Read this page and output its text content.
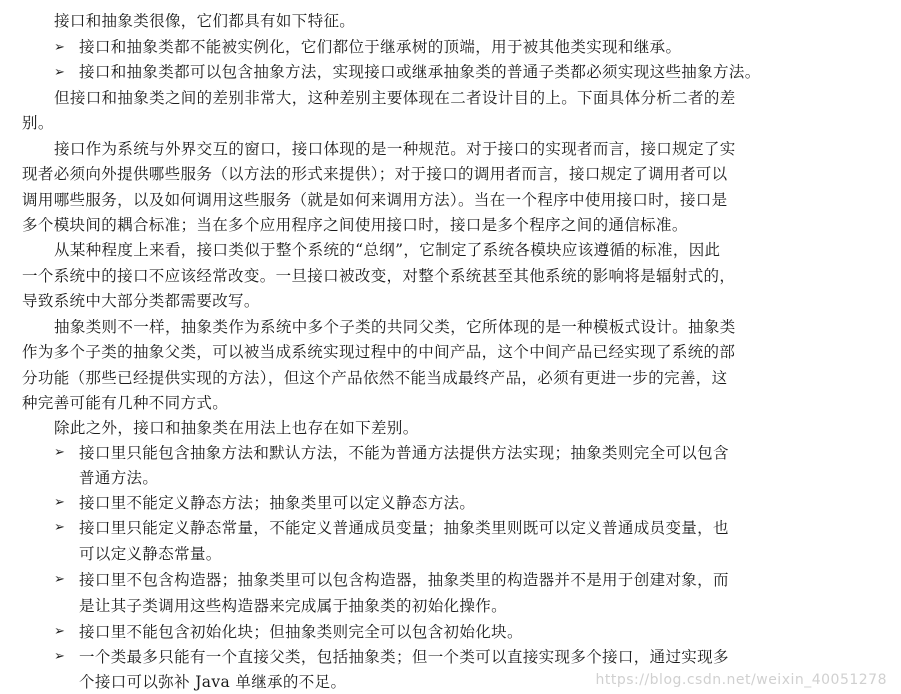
➢
➢
➢
➢
➢
➢
➢
➢
接口和抽象类很像，它们都具有如下特征。
接口和抽象类都不能被实例化，它们都位于继承树的顶端，用于被其他类实现和继承。
接口和抽象类都可以包含抽象方法，实现接口或继承抽象类的普通子类都必须实现这些抽象方法。
但接口和抽象类之间的差别非常大，这种差别主要体现在二者设计目的上。下面具体分析二者的差
别。
接口作为系统与外界交互的窗口，接口体现的是一种规范。对于接口的实现者而言，接口规定了实
现者必须向外提供哪些服务（以方法的形式来提供）；对于接口的调用者而言，接口规定了调用者可以
调用哪些服务，以及如何调用这些服务（就是如何来调用方法）。当在一个程序中使用接口时，接口是
多个模块间的耦合标准；当在多个应用程序之间使用接口时，接口是多个程序之间的通信标准。
从某种程度上来看，接口类似于整个系统的“总纲”，它制定了系统各模块应该遵循的标准，因此
一个系统中的接口不应该经常改变。一旦接口被改变，对整个系统甚至其他系统的影响将是辐射式的，
导致系统中大部分类都需要改写。
抽象类则不一样，抽象类作为系统中多个子类的共同父类，它所体现的是一种模板式设计。抽象类
作为多个子类的抽象父类，可以被当成系统实现过程中的中间产品，这个中间产品已经实现了系统的部
分功能（那些已经提供实现的方法），但这个产品依然不能当成最终产品，必须有更进一步的完善，这
种完善可能有几种不同方式。
除此之外，接口和抽象类在用法上也存在如下差别。
接口里只能包含抽象方法和默认方法，不能为普通方法提供方法实现；抽象类则完全可以包含
普通方法。
接口里不能定义静态方法；抽象类里可以定义静态方法。
接口里只能定义静态常量，不能定义普通成员变量；抽象类里则既可以定义普通成员变量，也
可以定义静态常量。
接口里不包含构造器；抽象类里可以包含构造器，抽象类里的构造器并不是用于创建对象，而
是让其子类调用这些构造器来完成属于抽象类的初始化操作。
接口里不能包含初始化块；但抽象类则完全可以包含初始化块。
一个类最多只能有一个直接父类，包括抽象类；但一个类可以直接实现多个接口，通过实现多
个接口可以弥补 Java 单继承的不足。	https://blog.csdn.net/weixin_40051278
